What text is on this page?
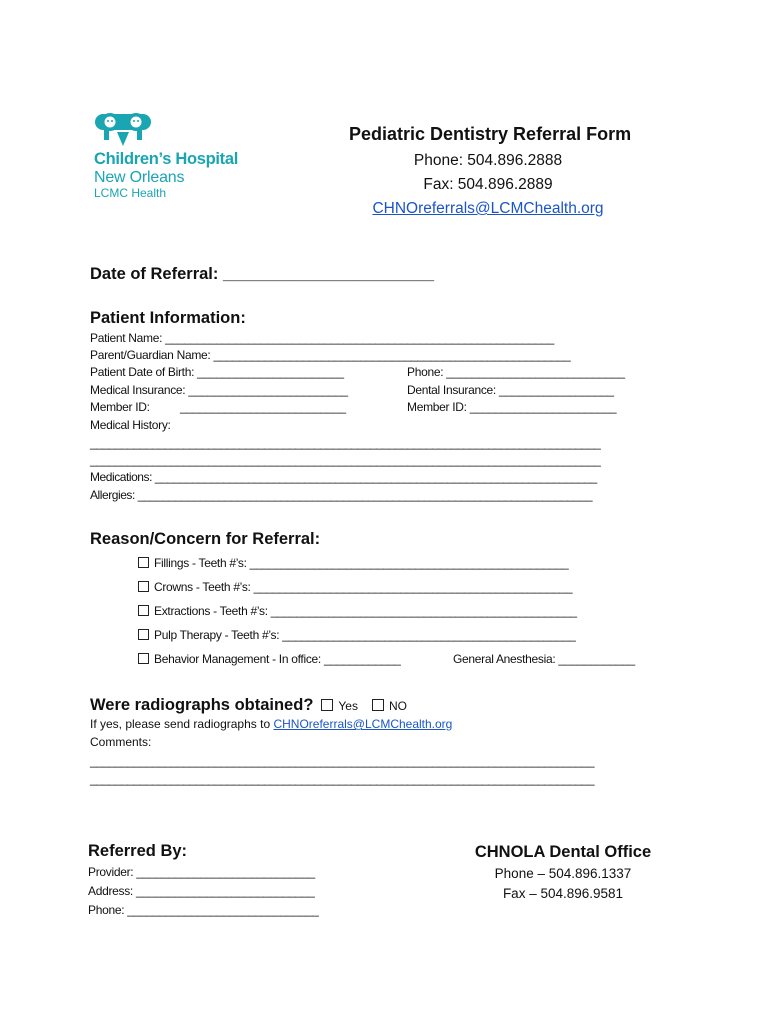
Children’s Hospital
New Orleans
LCMC Health
Pediatric Dentistry Referral Form
Phone: 504.896.2888
Fax: 504.896.2889
CHNOreferrals@LCMChealth.org
Date of Referral: _______________________
Patient Information:
Patient Name: _____________________________________________________________
Parent/Guardian Name: ________________________________________________________
Patient Date of Birth: _______________________	Phone: ____________________________
Medical Insurance: _________________________	Dental Insurance: __________________
Member ID:	__________________________	Member ID: _______________________
Medical History:
__________________________________________________________________________________
__________________________________________________________________________________
Medications: _______________________________________________________________________
Allergies: _________________________________________________________________________
Reason/Concern for Referral:
Fillings - Teeth #’s: __________________________________________________
Crowns - Teeth #’s: __________________________________________________
Extractions - Teeth #’s: ________________________________________________
Pulp Therapy - Teeth #’s: ______________________________________________
Behavior Management - In office: ____________	General Anesthesia: ____________
Were radiographs obtained? Yes	NO
If yes, please send radiographs to CHNOreferrals@LCMChealth.org
Comments:
_________________________________________________________________________________
_________________________________________________________________________________
Referred By:
Provider: ____________________________
Address: ____________________________
Phone: ______________________________
CHNOLA Dental Office
Phone – 504.896.1337
Fax – 504.896.9581
